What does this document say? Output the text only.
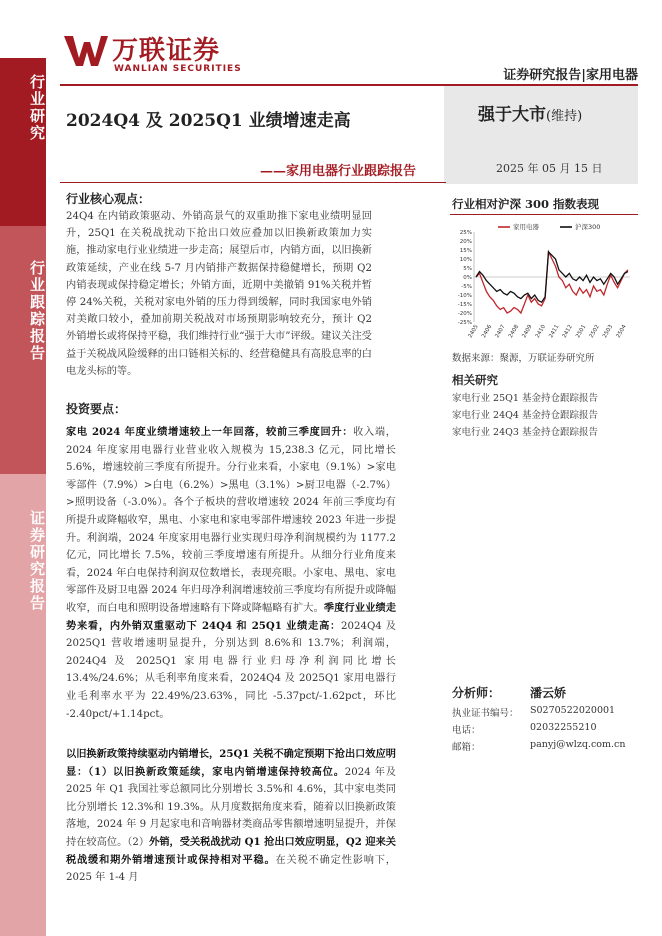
行业研究
行业跟踪报告
证券研究报告
万联证券
WANLIAN SECURITIES	证券研究报告|家用电器
2024Q4 及 2025Q1 业绩增速走高
——家用电器行业跟踪报告
强于大市(维持)
2025 年 05 月 15 日
行业核心观点：
24Q4 在内销政策驱动、外销高景气的双重助推下家电业绩明显回升，25Q1 在关税战扰动下抢出口效应叠加以旧换新政策加力实施，推动家电行业业绩进一步走高；展望后市，内销方面，以旧换新政策延续，产业在线 5-7 月内销排产数据保持稳健增长，预期 Q2 内销表现或保持稳定增长；外销方面，近期中美撤销 91%关税并暂停 24%关税，关税对家电外销的压力得到缓解，同时我国家电外销对美敞口较小，叠加前期关税战对市场预期影响较充分，预计 Q2 外销增长或将保持平稳，我们维持行业“强于大市”评级。建议关注受益于关税战风险缓释的出口链相关标的、经营稳健具有高股息率的白电龙头标的等。
投资要点：
家电 2024 年度业绩增速较上一年回落，较前三季度回升：收入端，2024 年度家用电器行业营业收入规模为 15,238.3 亿元，同比增长 5.6%，增速较前三季度有所提升。分行业来看，小家电（9.1%）>家电零部件（7.9%）>白电（6.2%）>黑电（3.1%）>厨卫电器（-2.7%）>照明设备（-3.0%）。各个子板块的营收增速较 2024 年前三季度均有所提升或降幅收窄，黑电、小家电和家电零部件增速较 2023 年进一步提升。利润端，2024 年度家用电器行业实现归母净利润规模约为 1177.2 亿元，同比增长 7.5%，较前三季度增速有所提升。从细分行业角度来看，2024 年白电保持利润双位数增长，表现亮眼。小家电、黑电、家电零部件及厨卫电器 2024 年归母净利润增速较前三季度均有所提升或降幅收窄，而白电和照明设备增速略有下降或降幅略有扩大。季度行业业绩走势来看，内外销双重驱动下 24Q4 和 25Q1 业绩走高：2024Q4 及 2025Q1 营收增速明显提升，分别达到 8.6%和 13.7%；利润端，2024Q4 及 2025Q1 家用电器行业归母净利润同比增长 13.4%/24.6%；从毛利率角度来看，2024Q4 及 2025Q1 家用电器行业毛利率水平为 22.49%/23.63%，同比 -5.37pct/-1.62pct，环比 -2.40pct/+1.14pct。
以旧换新政策持续驱动内销增长，25Q1 关税不确定预期下抢出口效应明显：（1）以旧换新政策延续，家电内销增速保持较高位。2024 年及 2025 年 Q1 我国社零总额同比分别增长 3.5%和 4.6%，其中家电类同比分别增长 12.3%和 19.3%。从月度数据角度来看，随着以旧换新政策落地，2024 年 9 月起家电和音响器材类商品零售额增速明显提升，并保持在较高位。（2）外销，受关税战扰动 Q1 抢出口效应明显，Q2 迎来关税战缓和期外销增速预计或保持相对平稳。在关税不确定性影响下，2025 年 1-4 月
行业相对沪深 300 指数表现
25%
20%
15%
10%
5%
0%
-5%
-10%
-15%
-20%
-25%
2405 2406 2407 2408 2409 2410 2411 2412 2501 2502 2503 2504
家用电器	沪深300
数据来源：聚源，万联证券研究所
相关研究
家电行业 25Q1 基金持仓跟踪报告
家电行业 24Q4 基金持仓跟踪报告
家电行业 24Q3 基金持仓跟踪报告
分析师： 潘云娇
执业证书编号： S0270522020001
电话：	02032255210
邮箱：	panyj@wlzq.com.cn
